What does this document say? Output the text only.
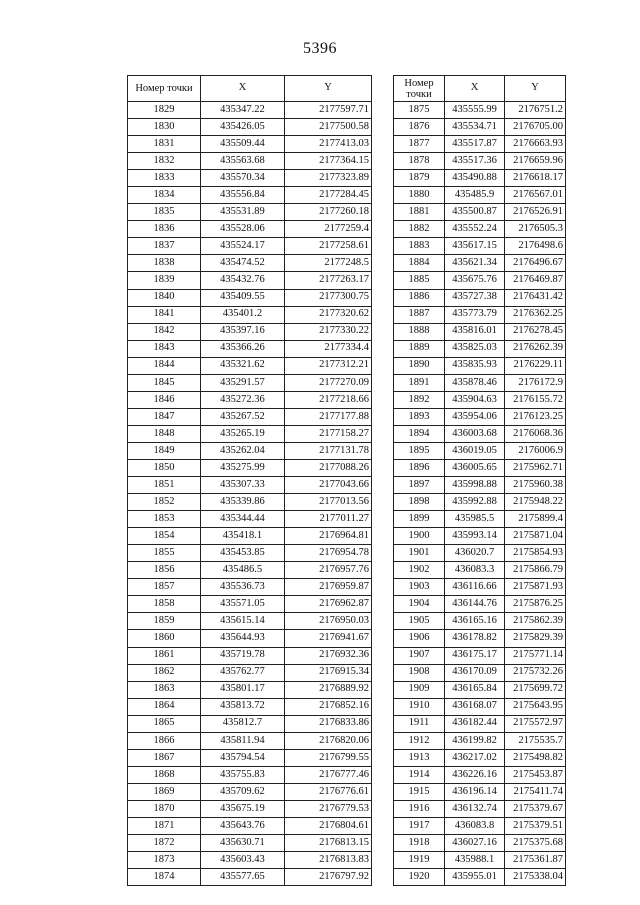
5396
Номер точки	X	Y
1829	435347.22	2177597.71
1830	435426.05	2177500.58
1831	435509.44	2177413.03
1832	435563.68	2177364.15
1833	435570.34	2177323.89
1834	435556.84	2177284.45
1835	435531.89	2177260.18
1836	435528.06	2177259.4
1837	435524.17	2177258.61
1838	435474.52	2177248.5
1839	435432.76	2177263.17
1840	435409.55	2177300.75
1841	435401.2	2177320.62
1842	435397.16	2177330.22
1843	435366.26	2177334.4
1844	435321.62	2177312.21
1845	435291.57	2177270.09
1846	435272.36	2177218.66
1847	435267.52	2177177.88
1848	435265.19	2177158.27
1849	435262.04	2177131.78
1850	435275.99	2177088.26
1851	435307.33	2177043.66
1852	435339.86	2177013.56
1853	435344.44	2177011.27
1854	435418.1	2176964.81
1855	435453.85	2176954.78
1856	435486.5	2176957.76
1857	435536.73	2176959.87
1858	435571.05	2176962.87
1859	435615.14	2176950.03
1860	435644.93	2176941.67
1861	435719.78	2176932.36
1862	435762.77	2176915.34
1863	435801.17	2176889.92
1864	435813.72	2176852.16
1865	435812.7	2176833.86
1866	435811.94	2176820.06
1867	435794.54	2176799.55
1868	435755.83	2176777.46
1869	435709.62	2176776.61
1870	435675.19	2176779.53
1871	435643.76	2176804.61
1872	435630.71	2176813.15
1873	435603.43	2176813.83
1874	435577.65	2176797.92
Номер точки	X	Y
1875	435555.99	2176751.2
1876	435534.71	2176705.00
1877	435517.87	2176663.93
1878	435517.36	2176659.96
1879	435490.88	2176618.17
1880	435485.9	2176567.01
1881	435500.87	2176526.91
1882	435552.24	2176505.3
1883	435617.15	2176498.6
1884	435621.34	2176496.67
1885	435675.76	2176469.87
1886	435727.38	2176431.42
1887	435773.79	2176362.25
1888	435816.01	2176278.45
1889	435825.03	2176262.39
1890	435835.93	2176229.11
1891	435878.46	2176172.9
1892	435904.63	2176155.72
1893	435954.06	2176123.25
1894	436003.68	2176068.36
1895	436019.05	2176006.9
1896	436005.65	2175962.71
1897	435998.88	2175960.38
1898	435992.88	2175948.22
1899	435985.5	2175899.4
1900	435993.14	2175871.04
1901	436020.7	2175854.93
1902	436083.3	2175866.79
1903	436116.66	2175871.93
1904	436144.76	2175876.25
1905	436165.16	2175862.39
1906	436178.82	2175829.39
1907	436175.17	2175771.14
1908	436170.09	2175732.26
1909	436165.84	2175699.72
1910	436168.07	2175643.95
1911	436182.44	2175572.97
1912	436199.82	2175535.7
1913	436217.02	2175498.82
1914	436226.16	2175453.87
1915	436196.14	2175411.74
1916	436132.74	2175379.67
1917	436083.8	2175379.51
1918	436027.16	2175375.68
1919	435988.1	2175361.87
1920	435955.01	2175338.04
